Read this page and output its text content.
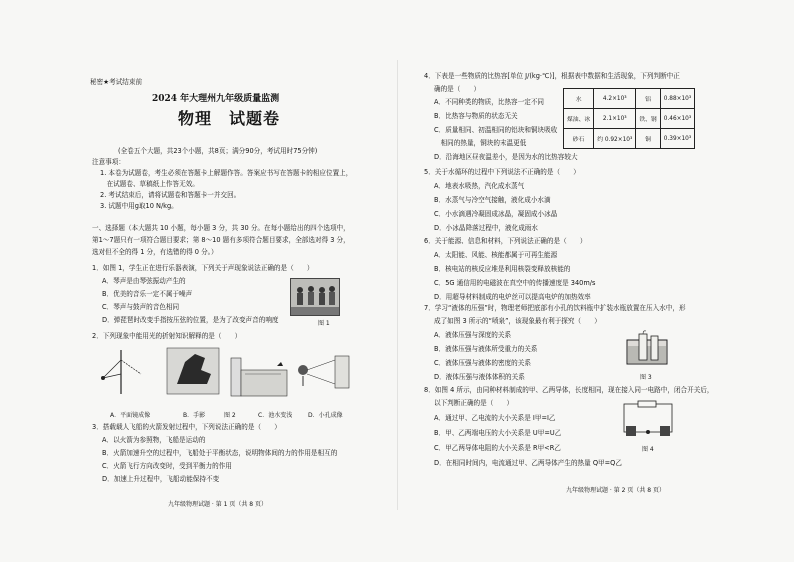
秘密★考试结束前
2024 年大理州九年级质量监测
物理　试题卷
(全卷五个大题，共23个小题，共8页；满分90分，考试用时75分钟)
注意事项：
1. 本卷为试题卷，考生必须在答题卡上解题作答。答案应书写在答题卡的相应位置上，
　在试题卷、草稿纸上作答无效。
2. 考试结束后，请将试题卷和答题卡一并交回。
3. 试题中用g取10 N/kg。
一、选择题（本大题共 10 小题，每小题 3 分，共 30 分。在每小题给出的四个选项中，
第1～7题只有一项符合题目要求；第 8～10 题有多项符合题目要求，全部选对得 3 分，
选对但不全的得 1 分，有选错的得 0 分。）
1．如图 1，学生正在进行乐器表演，下列关于声现象说法正确的是（　　）
A．琴声是由琴弦振动产生的
B．优美的音乐一定不属于噪声
C．琴声与鼓声的音色相同
D．弹琵琶时改变手指按压弦的位置，是为了改变声音的响度	图 1
2．下列现象中能用光的折射知识解释的是（　　）
A．平面镜成像	B．手影	图 2	C．池水变浅	D．小孔成像
3．搭载载人飞船的火箭发射过程中，下列说法正确的是（　　）
A．以火箭为参照物，飞船是运动的
B．火箭加速升空的过程中，飞船处于平衡状态，说明物体间的力的作用是相互的
C．火箭飞行方向改变时，受到平衡力的作用
D．加速上升过程中，飞船动能保持不变
九年级物理试题 · 第 1 页（共 8 页）
4．下表是一些物质的比热容[单位 J/(kg·℃)]，根据表中数据和生活现象，下列判断中正
确的是（　　）
A．不同种类的物质，比热容一定不同
B．比热容与物质的状态无关
C．质量相同、初温相同的铝块和铜块吸收
　相同的热量，铜块的末温更低
D．沿海地区昼夜温差小，是因为水的比热容较大
水	4.2×10³	铝	0.88×10³
煤油、冰	2.1×10³	铁、钢	0.46×10³
砂石	约 0.92×10³	铜	0.39×10³
5．关于水循环的过程中下列说法不正确的是（　　）
A．地表水吸热，汽化成水蒸气
B．水蒸气与冷空气接触，液化成小水滴
C．小水滴遇冷凝固成冰晶，凝固成小冰晶
D．小冰晶降落过程中，液化成雨水
6．关于能源、信息和材料，下列说法正确的是（　　）
A．太阳能、风能、核能都属于可再生能源
B．核电站的核反应堆是利用核裂变释放核能的
C．5G 通信用的电磁波在真空中的传播速度是 340m/s
D．用超导材料制成的电炉丝可以提高电炉的加热效率
7．学习“液体的压强”时，物理老师把底部有小孔的饮料瓶中扩装水瓶放置在压入水中，形
成了如图 3 所示的“喷泉”，该现象最有利于探究（　　）
A．液体压强与深度的关系
B．液体压强与液体所受重力的关系
C．液体压强与液体的密度的关系
D．液体压强与液体体积的关系	图 3
8．如图 4 所示，由同种材料制成的甲、乙两导体，长度相同，现在接入同一电路中，闭合开关后，
以下判断正确的是（　　）
A．通过甲、乙电流的大小关系是 I甲=I乙
B．甲、乙两端电压的大小关系是 U甲=U乙
C．甲乙两导体电阻的大小关系是 R甲<R乙
D．在相同时间内，电流通过甲、乙两导体产生的热量 Q甲=Q乙
图 4
九年级物理试题 · 第 2 页（共 8 页）
